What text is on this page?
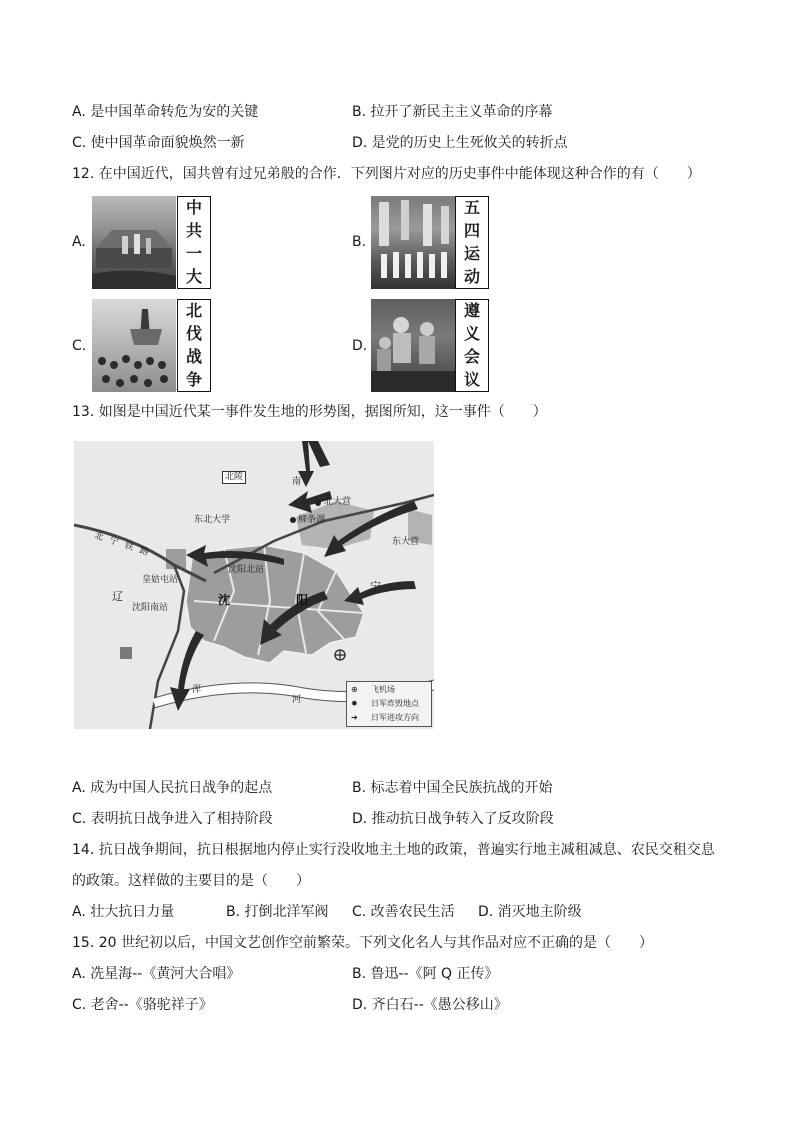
A. 是中国革命转危为安的关键	B. 拉开了新民主主义革命的序幕
C. 使中国革命面貌焕然一新	D. 是党的历史上生死攸关的转折点
12. 在中国近代，国共曾有过兄弟般的合作．下列图片对应的历史事件中能体现这种合作的有（　　）
A.
中
共
一
大
B.
五
四
运
动
C.
北
伐
战
争
D.
遵
义
会
议
13. 如图是中国近代某一事件发生地的形势图，据图所知，这一事件（　　）
北陵	南
北大营
柳条湖
东北大学
东大营
北 宁 铁 路
皇姑屯站
沈阳北站
沈阳南站
辽
宁
沈	阳
浑
河
⊕ 飞机场
✸ 日军炸毁地点
➜ 日军进攻方向
A. 成为中国人民抗日战争的起点	B. 标志着中国全民族抗战的开始
C. 表明抗日战争进入了相持阶段	D. 推动抗日战争转入了反攻阶段
14. 抗日战争期间，抗日根据地内停止实行没收地主土地的政策，普遍实行地主减租减息、农民交租交息
的政策。这样做的主要目的是（　　）
A. 壮大抗日力量	B. 打倒北洋军阀 C. 改善农民生活 D. 消灭地主阶级
15. 20 世纪初以后，中国文艺创作空前繁荣。下列文化名人与其作品对应不正确的是（　　）
A. 冼星海--《黄河大合唱》	B. 鲁迅--《阿 Q 正传》
C. 老舍--《骆驼祥子》	D. 齐白石--《愚公移山》
